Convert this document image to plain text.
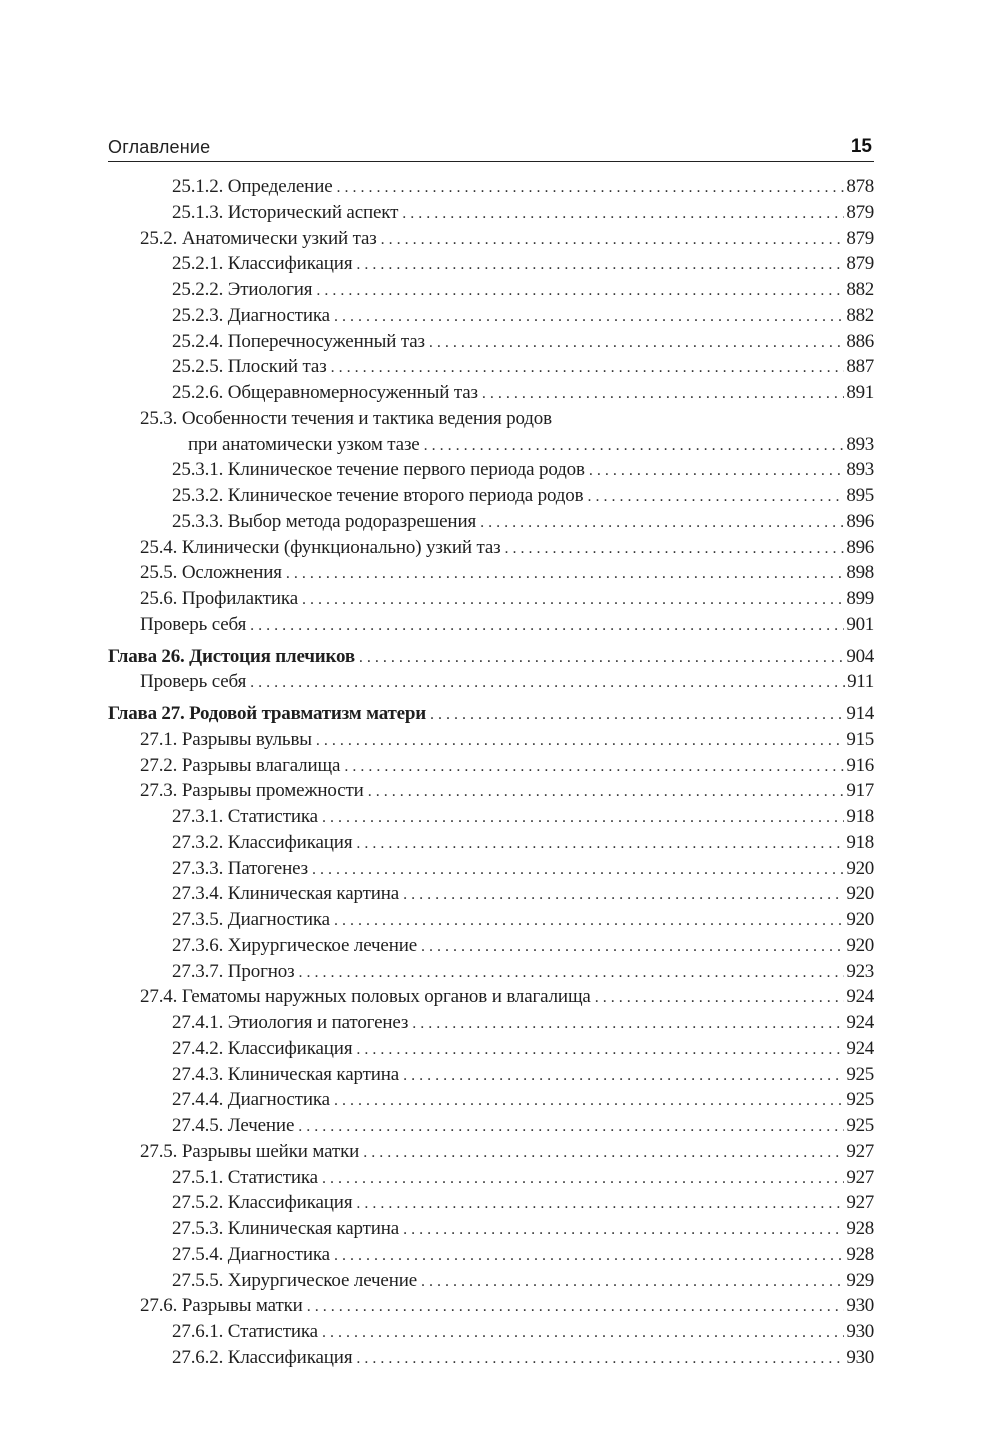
Оглавление	15
25.1.2. Определение . . .	878
25.1.3. Исторический аспект . . .	879
25.2. Анатомически узкий таз . . .	879
25.2.1. Классификация . . .	879
25.2.2. Этиология . . .	882
25.2.3. Диагностика . . .	882
25.2.4. Поперечносуженный таз . . .	886
25.2.5. Плоский таз . . .	887
25.2.6. Общеравномерносуженный таз . . .	891
25.3. Особенности течения и тактика ведения родов
при анатомически узком тазе . . .	893
25.3.1. Клиническое течение первого периода родов . . .	893
25.3.2. Клиническое течение второго периода родов . . .	895
25.3.3. Выбор метода родоразрешения . . .	896
25.4. Клинически (функционально) узкий таз . . .	896
25.5. Осложнения . . .	898
25.6. Профилактика . . .	899
Проверь себя . . .	901
Глава 26. Дистоция плечиков . . .	904
Проверь себя . . .	911
Глава 27. Родовой травматизм матери . . .	914
27.1. Разрывы вульвы . . .	915
27.2. Разрывы влагалища . . .	916
27.3. Разрывы промежности . . .	917
27.3.1. Статистика . . .	918
27.3.2. Классификация . . .	918
27.3.3. Патогенез . . .	920
27.3.4. Клиническая картина . . .	920
27.3.5. Диагностика . . .	920
27.3.6. Хирургическое лечение . . .	920
27.3.7. Прогноз . . .	923
27.4. Гематомы наружных половых органов и влагалища . . .	924
27.4.1. Этиология и патогенез . . .	924
27.4.2. Классификация . . .	924
27.4.3. Клиническая картина . . .	925
27.4.4. Диагностика . . .	925
27.4.5. Лечение . . .	925
27.5. Разрывы шейки матки . . .	927
27.5.1. Статистика . . .	927
27.5.2. Классификация . . .	927
27.5.3. Клиническая картина . . .	928
27.5.4. Диагностика . . .	928
27.5.5. Хирургическое лечение . . .	929
27.6. Разрывы матки . . .	930
27.6.1. Статистика . . .	930
27.6.2. Классификация . . .	930
